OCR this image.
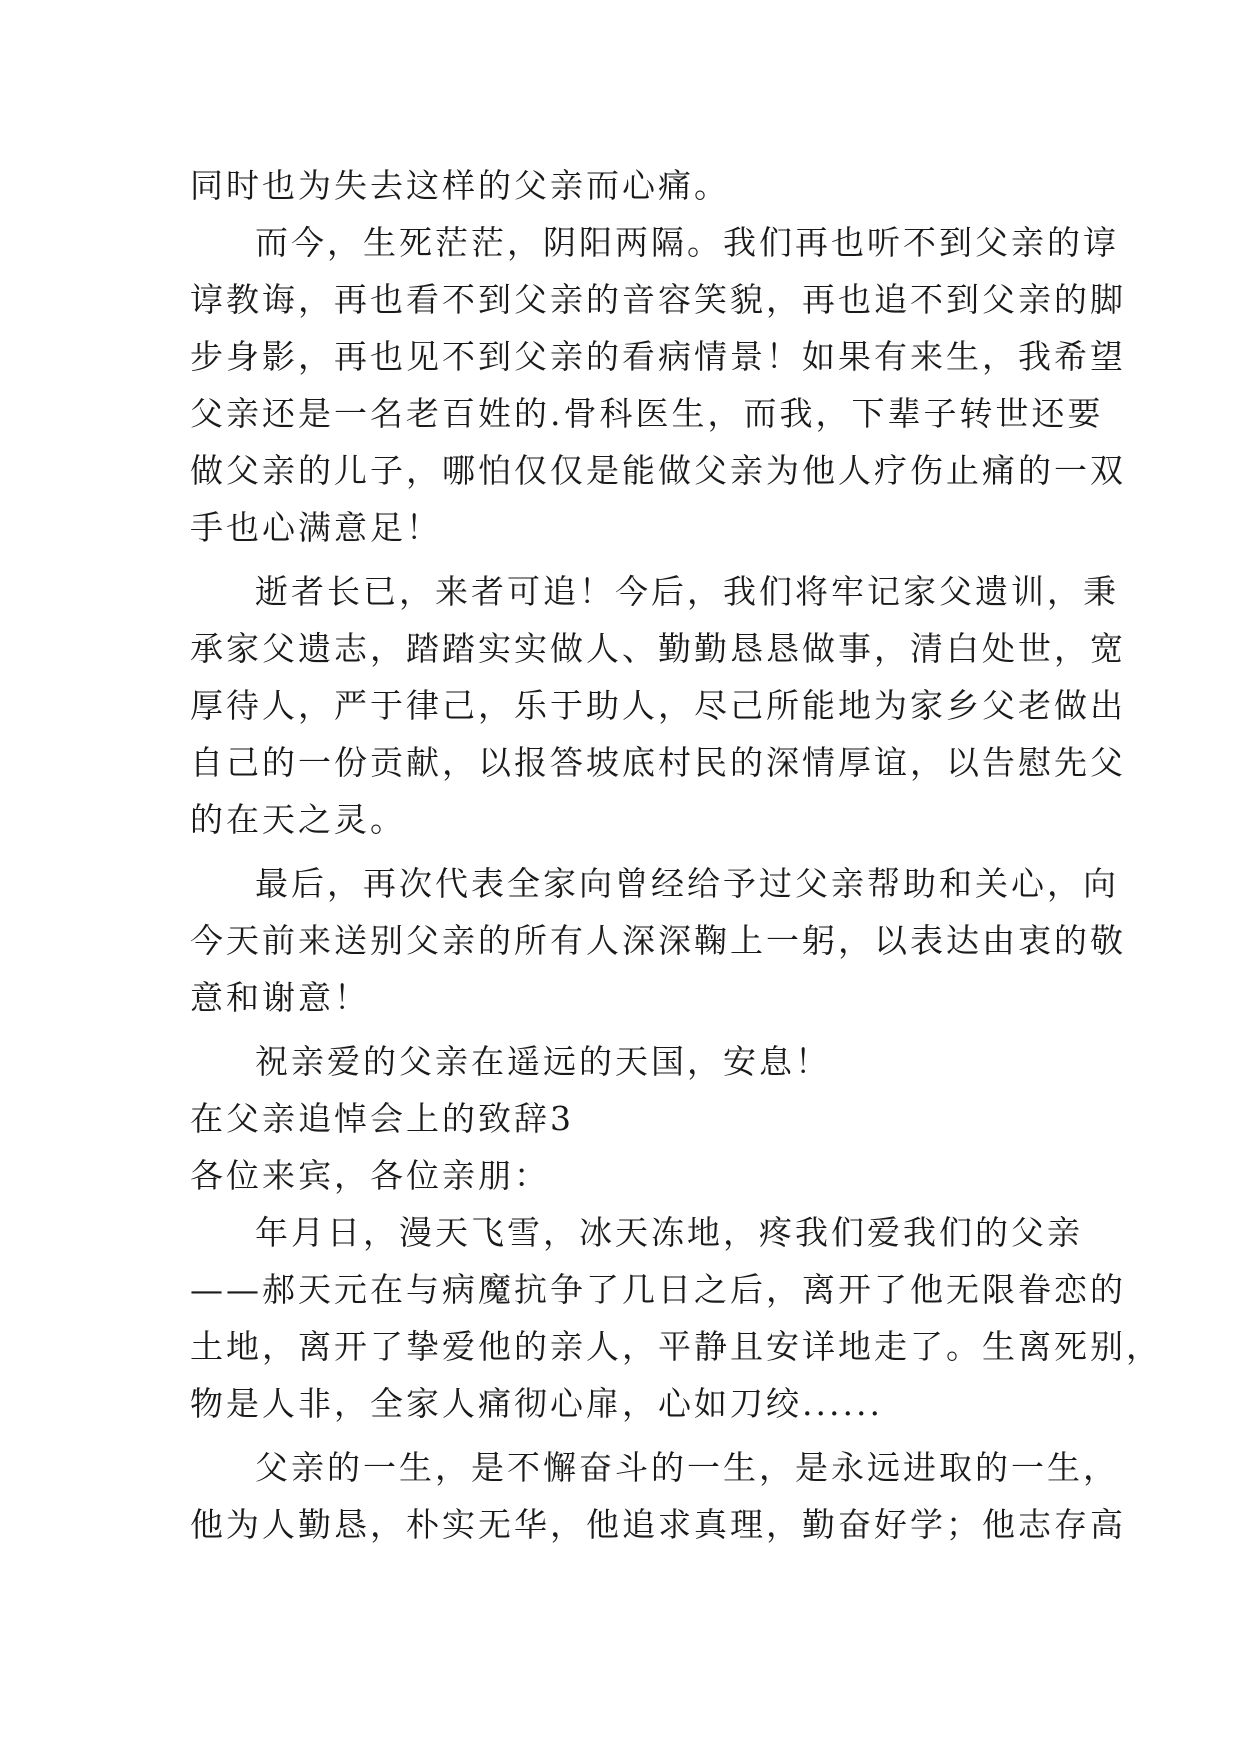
同时也为失去这样的父亲而心痛。
而今，生死茫茫，阴阳两隔。我们再也听不到父亲的谆
谆教诲，再也看不到父亲的音容笑貌，再也追不到父亲的脚
步身影，再也见不到父亲的看病情景！如果有来生，我希望
父亲还是一名老百姓的.骨科医生，而我，下辈子转世还要
做父亲的儿子，哪怕仅仅是能做父亲为他人疗伤止痛的一双
手也心满意足！
逝者长已，来者可追！今后，我们将牢记家父遗训，秉
承家父遗志，踏踏实实做人、勤勤恳恳做事，清白处世，宽
厚待人，严于律己，乐于助人，尽己所能地为家乡父老做出
自己的一份贡献，以报答坡底村民的深情厚谊，以告慰先父
的在天之灵。
最后，再次代表全家向曾经给予过父亲帮助和关心，向
今天前来送别父亲的所有人深深鞠上一躬，以表达由衷的敬
意和谢意！
祝亲爱的父亲在遥远的天国，安息！
在父亲追悼会上的致辞3
各位来宾，各位亲朋：
年月日，漫天飞雪，冰天冻地，疼我们爱我们的父亲
——郝天元在与病魔抗争了几日之后，离开了他无限眷恋的
土地，离开了挚爱他的亲人，平静且安详地走了。生离死别，
物是人非，全家人痛彻心扉，心如刀绞......
父亲的一生，是不懈奋斗的一生，是永远进取的一生，
他为人勤恳，朴实无华，他追求真理，勤奋好学；他志存高
